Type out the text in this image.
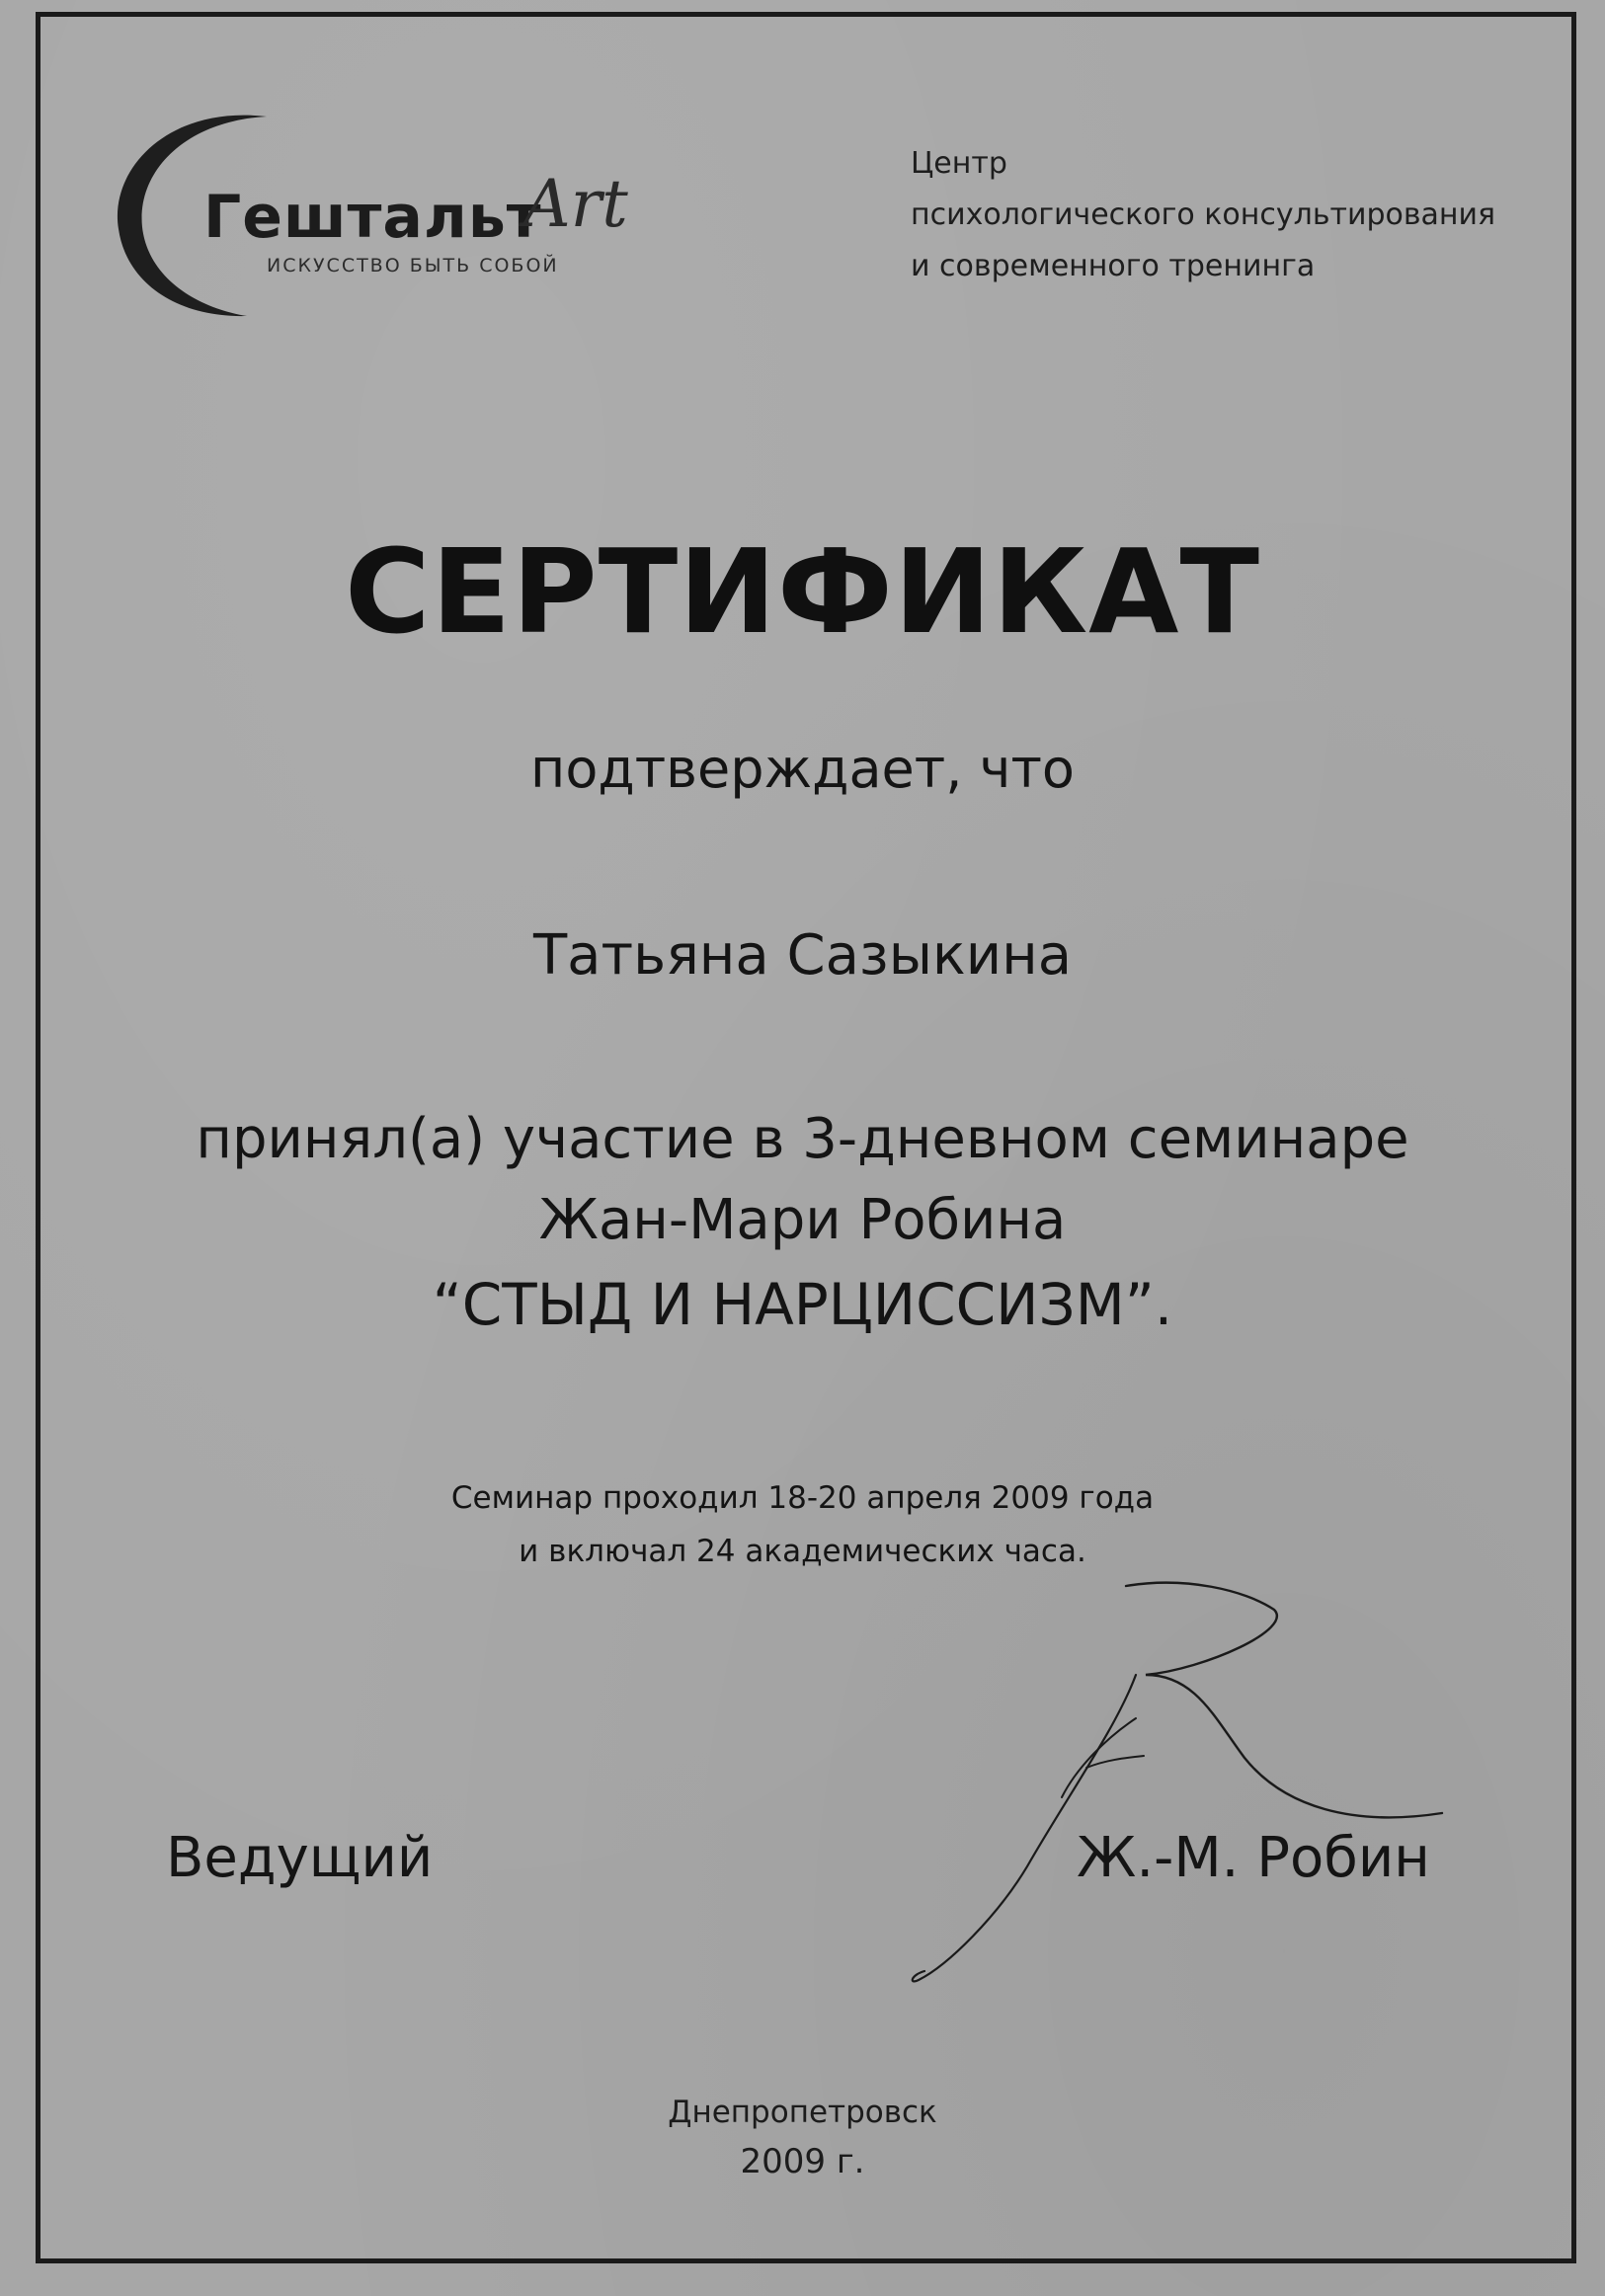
Гештальт
Art
ИСКУССТВО БЫТЬ СОБОЙ
Центр
психологического консультирования
и современного тренинга
СЕРТИФИКАТ
подтверждает, что
Татьяна Сазыкина
принял(а) участие в 3-дневном семинаре
Жан-Мари Робина
“СТЫД И НАРЦИССИЗМ”.
Семинар проходил 18-20 апреля 2009 года
и включал 24 академических часа.
Ведущий	Ж.-М. Робин
Днепропетровск
2009 г.
